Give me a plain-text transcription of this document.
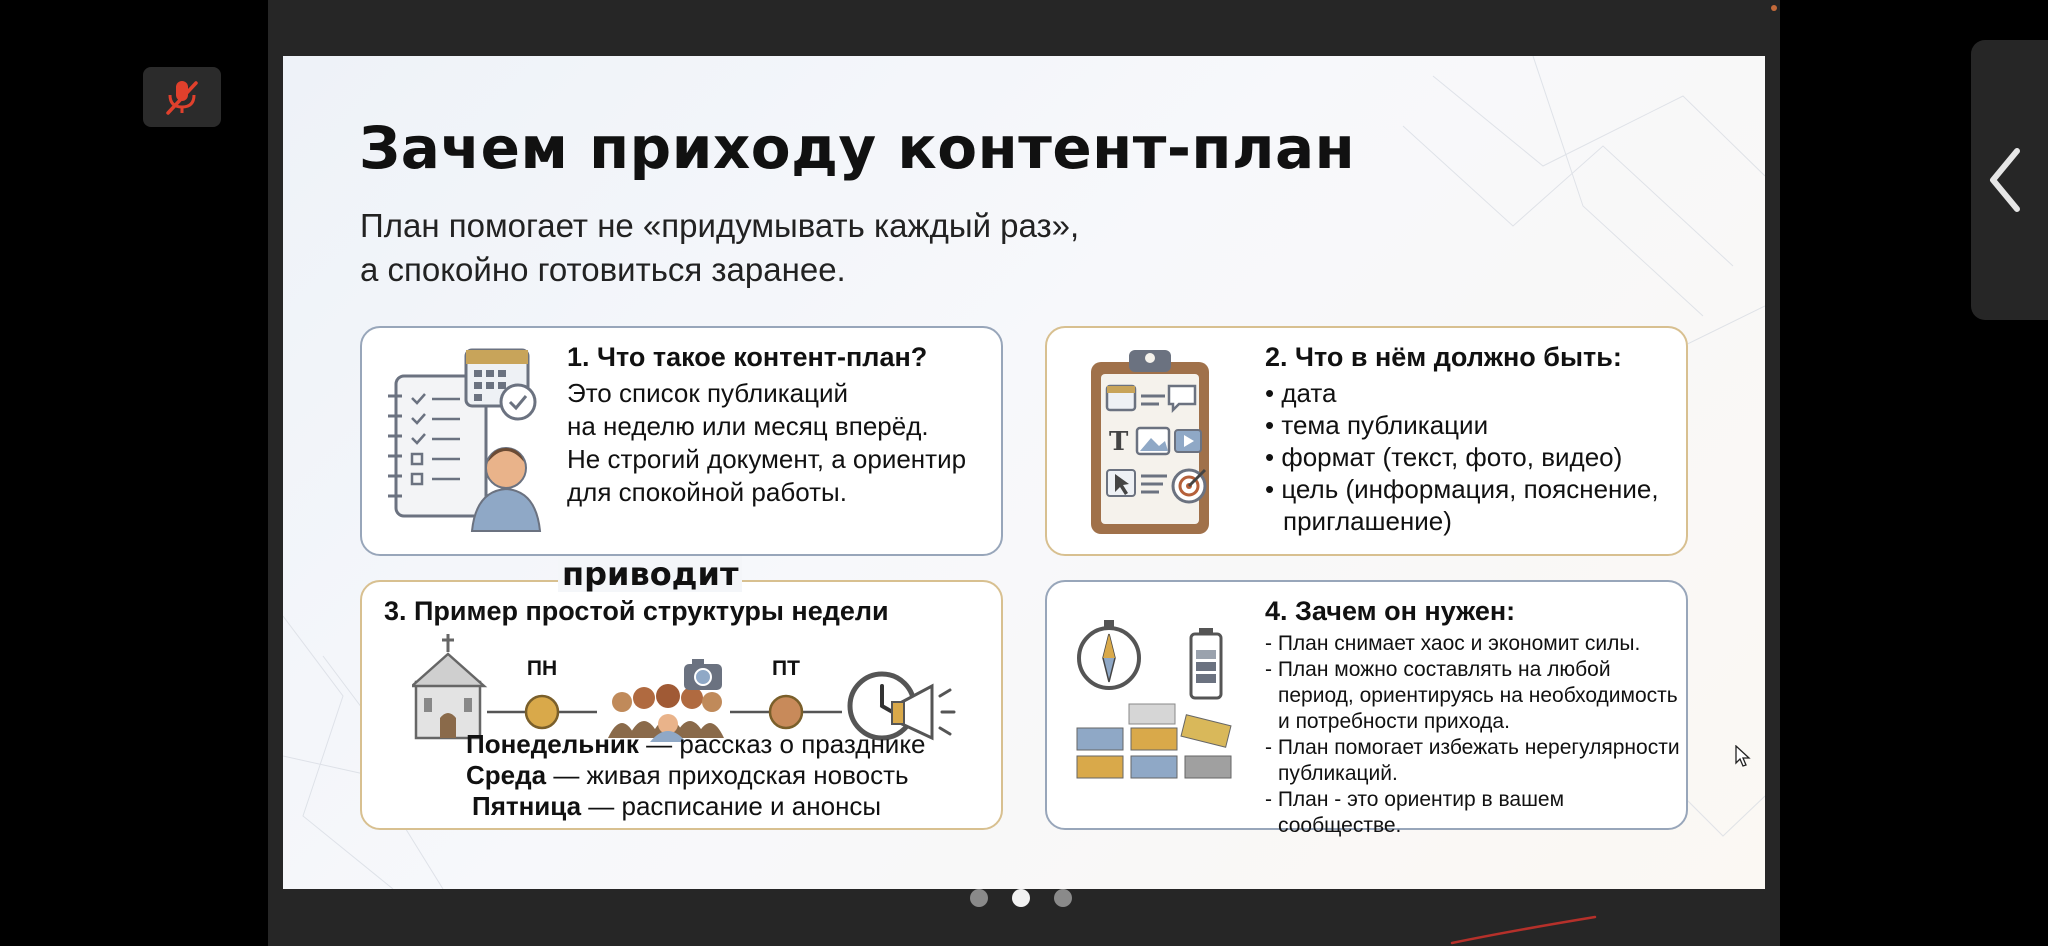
Зачем приходу контент-план

План помогает не «придумывать каждый раз»,
а спокойно готовиться заранее.

1. Что такое контент-план?

Это список публикаций
на неделю или месяц вперёд.
Не строгий документ, а ориентир
для спокойной работы.

T

2. Что в нём должно быть:

• дата
• тема публикации
• формат (текст, фото, видео)
• цель (информация, пояснение, приглашение)

3. Пример простой структуры недели

ПН	ПТ
Понедельник — рассказ о празднике
Среда — живая приходская новость
Пятница — расписание и анонсы

4. Зачем он нужен:

- План снимает хаос и экономит силы.
- План можно составлять на любой период, ориентируясь на необходимость и потребности прихода.
- План помогает избежать нерегулярности публикаций.
- План - это ориентир в вашем сообществе.

приводит
